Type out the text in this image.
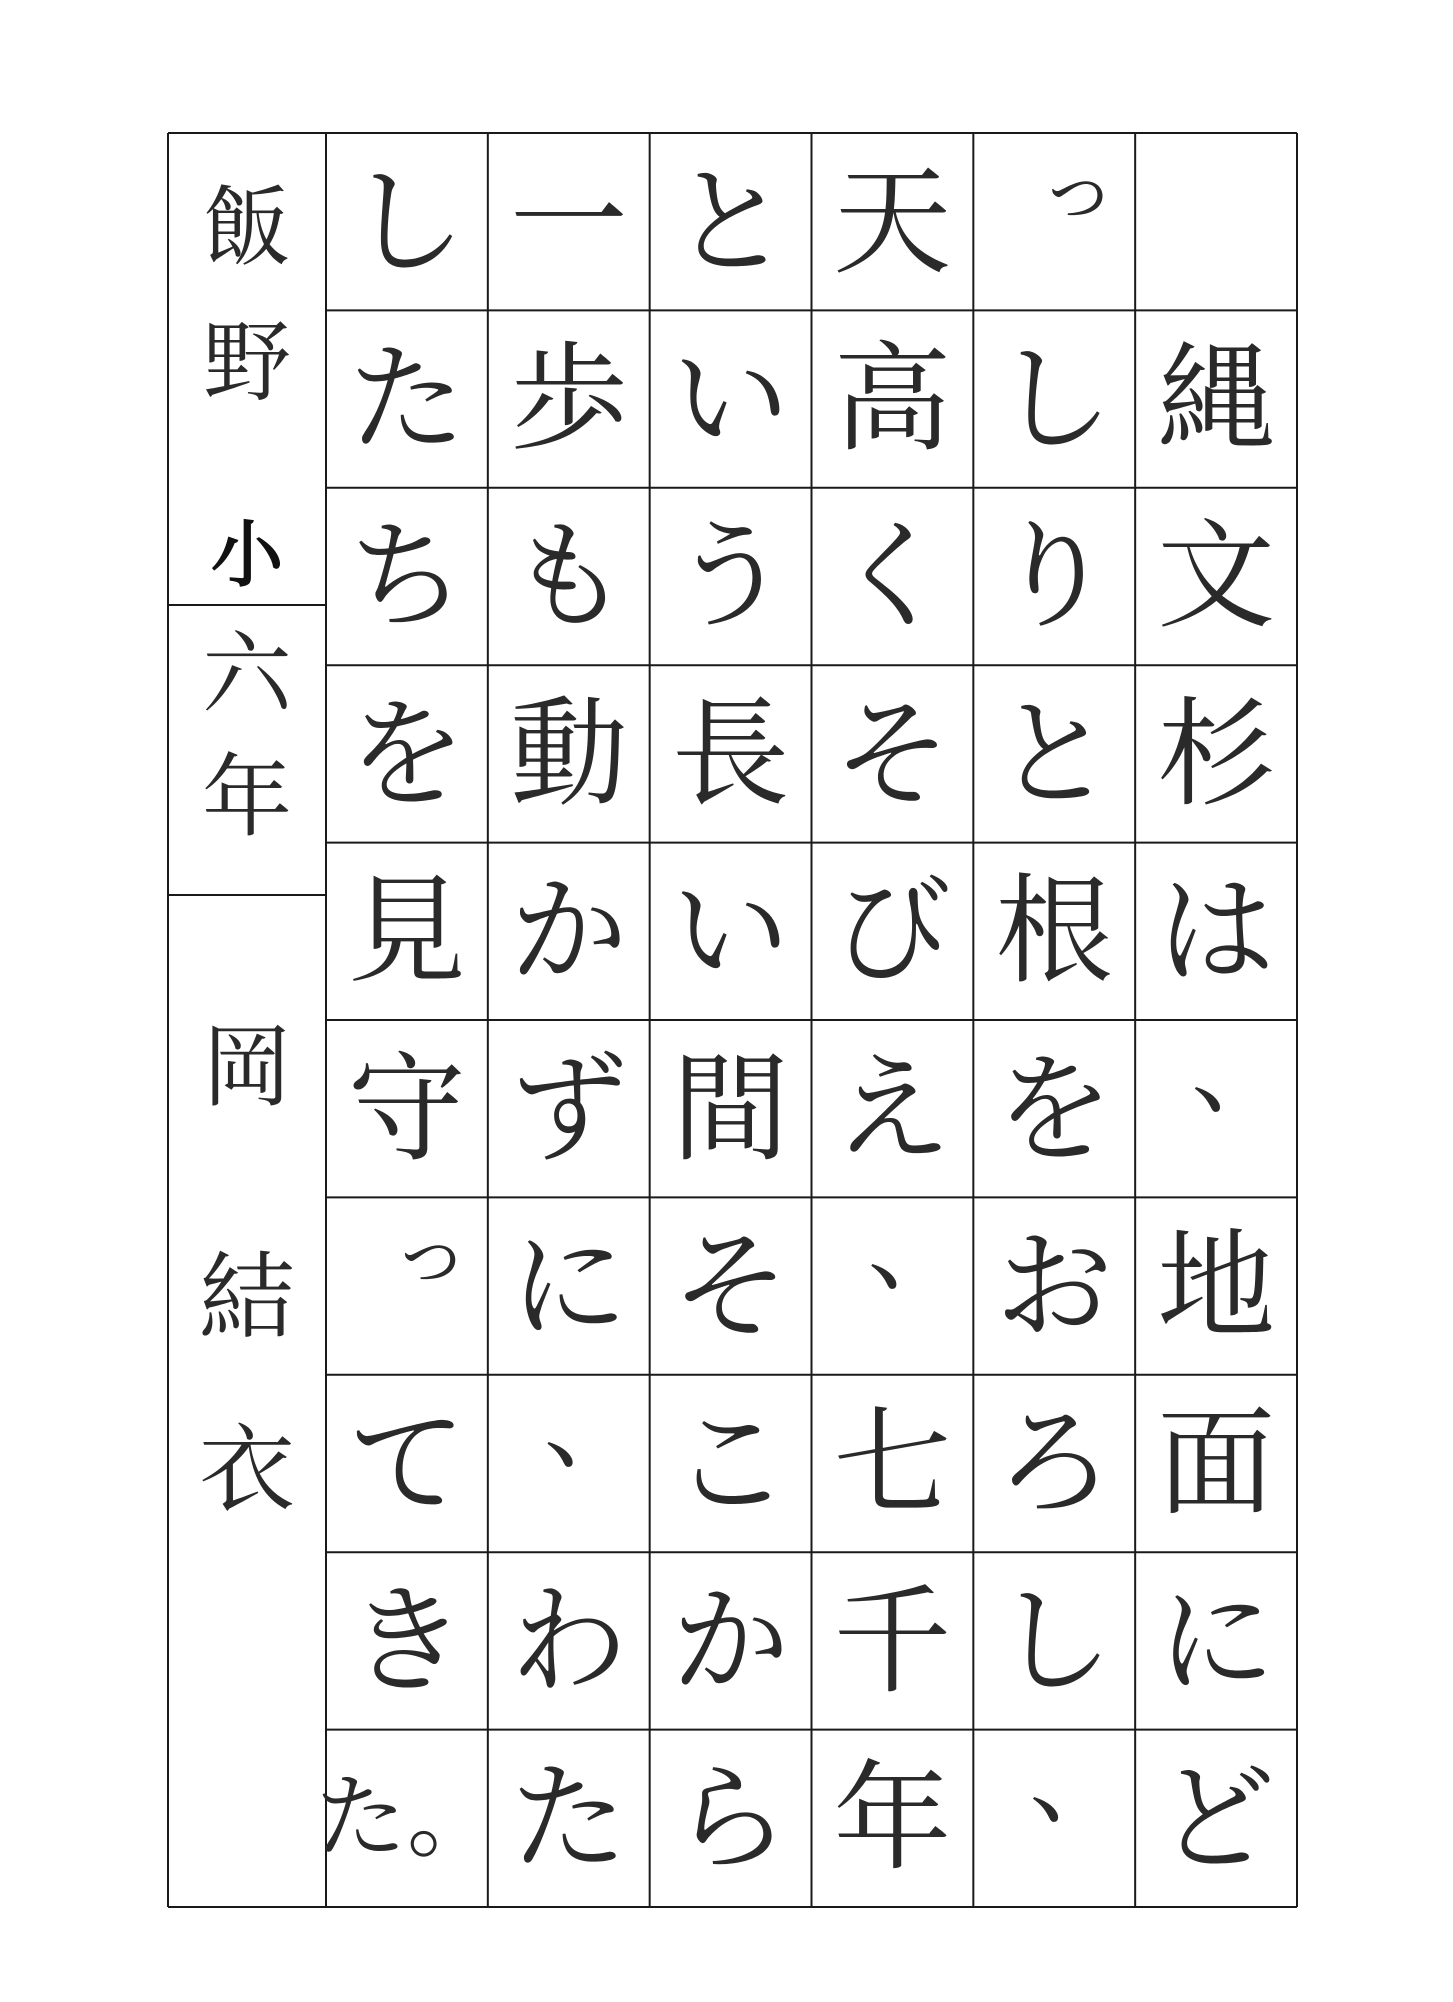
縄
文
杉
は
、
地
面
に
ど
っ
し
り
と
根
を
お
ろ
し
、
天
高
く
そ
び
え
、
七
千
年
と
い
う
長
い
間
そ
こ
か
ら
一
歩
も
動
か
ず
に
、
わ
た
し
た
ち
を
見
守
っ
て
き
た。
飯
野
小
六
年
岡
結
衣
